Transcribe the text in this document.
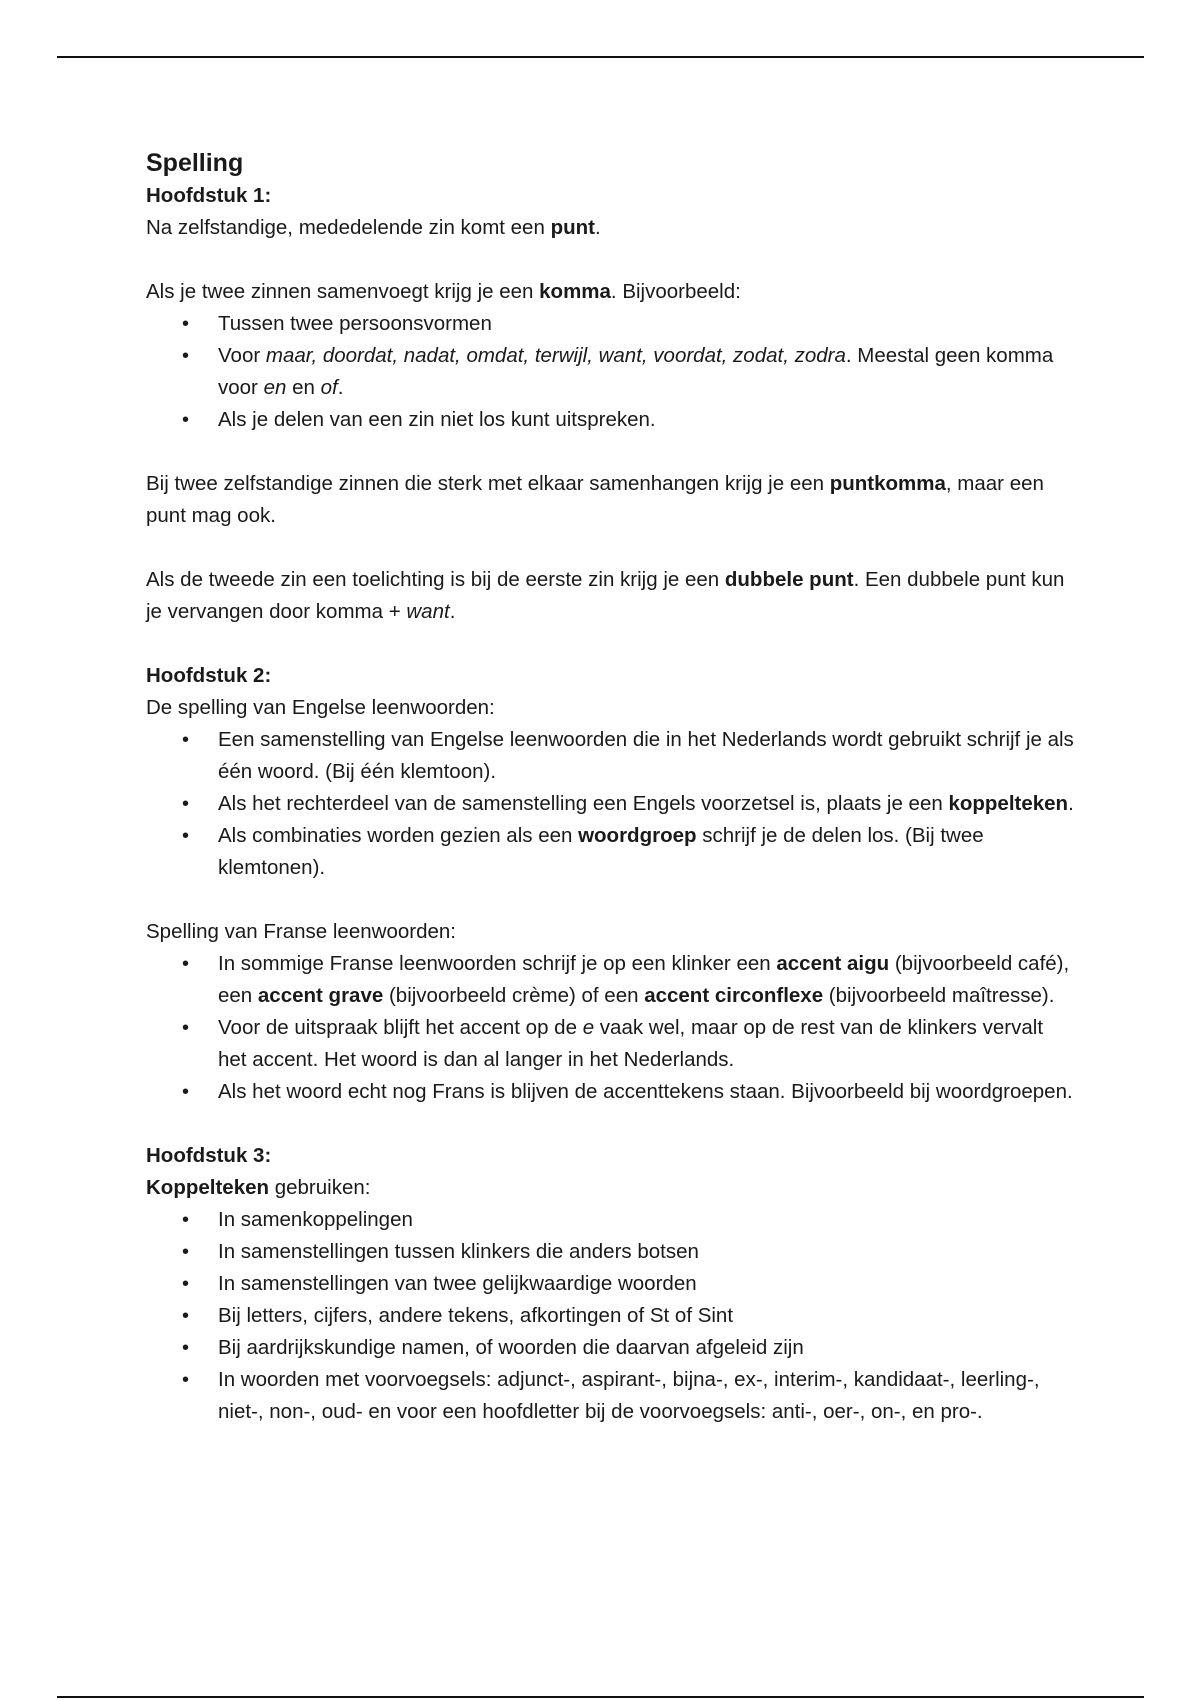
Spelling

Hoofdstuk 1:

Na zelfstandige, mededelende zin komt een punt.

Als je twee zinnen samenvoegt krijg je een komma. Bijvoorbeeld:

• Tussen twee persoonsvormen
• Voor maar, doordat, nadat, omdat, terwijl, want, voordat, zodat, zodra. Meestal geen komma voor en en of.
• Als je delen van een zin niet los kunt uitspreken.

Bij twee zelfstandige zinnen die sterk met elkaar samenhangen krijg je een puntkomma, maar een punt mag ook.

Als de tweede zin een toelichting is bij de eerste zin krijg je een dubbele punt. Een dubbele punt kun je vervangen door komma + want.

Hoofdstuk 2:

De spelling van Engelse leenwoorden:

• Een samenstelling van Engelse leenwoorden die in het Nederlands wordt gebruikt schrijf je als één woord. (Bij één klemtoon).
• Als het rechterdeel van de samenstelling een Engels voorzetsel is, plaats je een koppelteken.
• Als combinaties worden gezien als een woordgroep schrijf je de delen los. (Bij twee klemtonen).

Spelling van Franse leenwoorden:

• In sommige Franse leenwoorden schrijf je op een klinker een accent aigu (bijvoorbeeld café), een accent grave (bijvoorbeeld crème) of een accent circonflexe (bijvoorbeeld maîtresse).
• Voor de uitspraak blijft het accent op de e vaak wel, maar op de rest van de klinkers vervalt het accent. Het woord is dan al langer in het Nederlands.
• Als het woord echt nog Frans is blijven de accenttekens staan. Bijvoorbeeld bij woordgroepen.

Hoofdstuk 3:

Koppelteken gebruiken:

• In samenkoppelingen
• In samenstellingen tussen klinkers die anders botsen
• In samenstellingen van twee gelijkwaardige woorden
• Bij letters, cijfers, andere tekens, afkortingen of St of Sint
• Bij aardrijkskundige namen, of woorden die daarvan afgeleid zijn
• In woorden met voorvoegsels: adjunct-, aspirant-, bijna-, ex-, interim-, kandidaat-, leerling-, niet-, non-, oud- en voor een hoofdletter bij de voorvoegsels: anti-, oer-, on-, en pro-.
